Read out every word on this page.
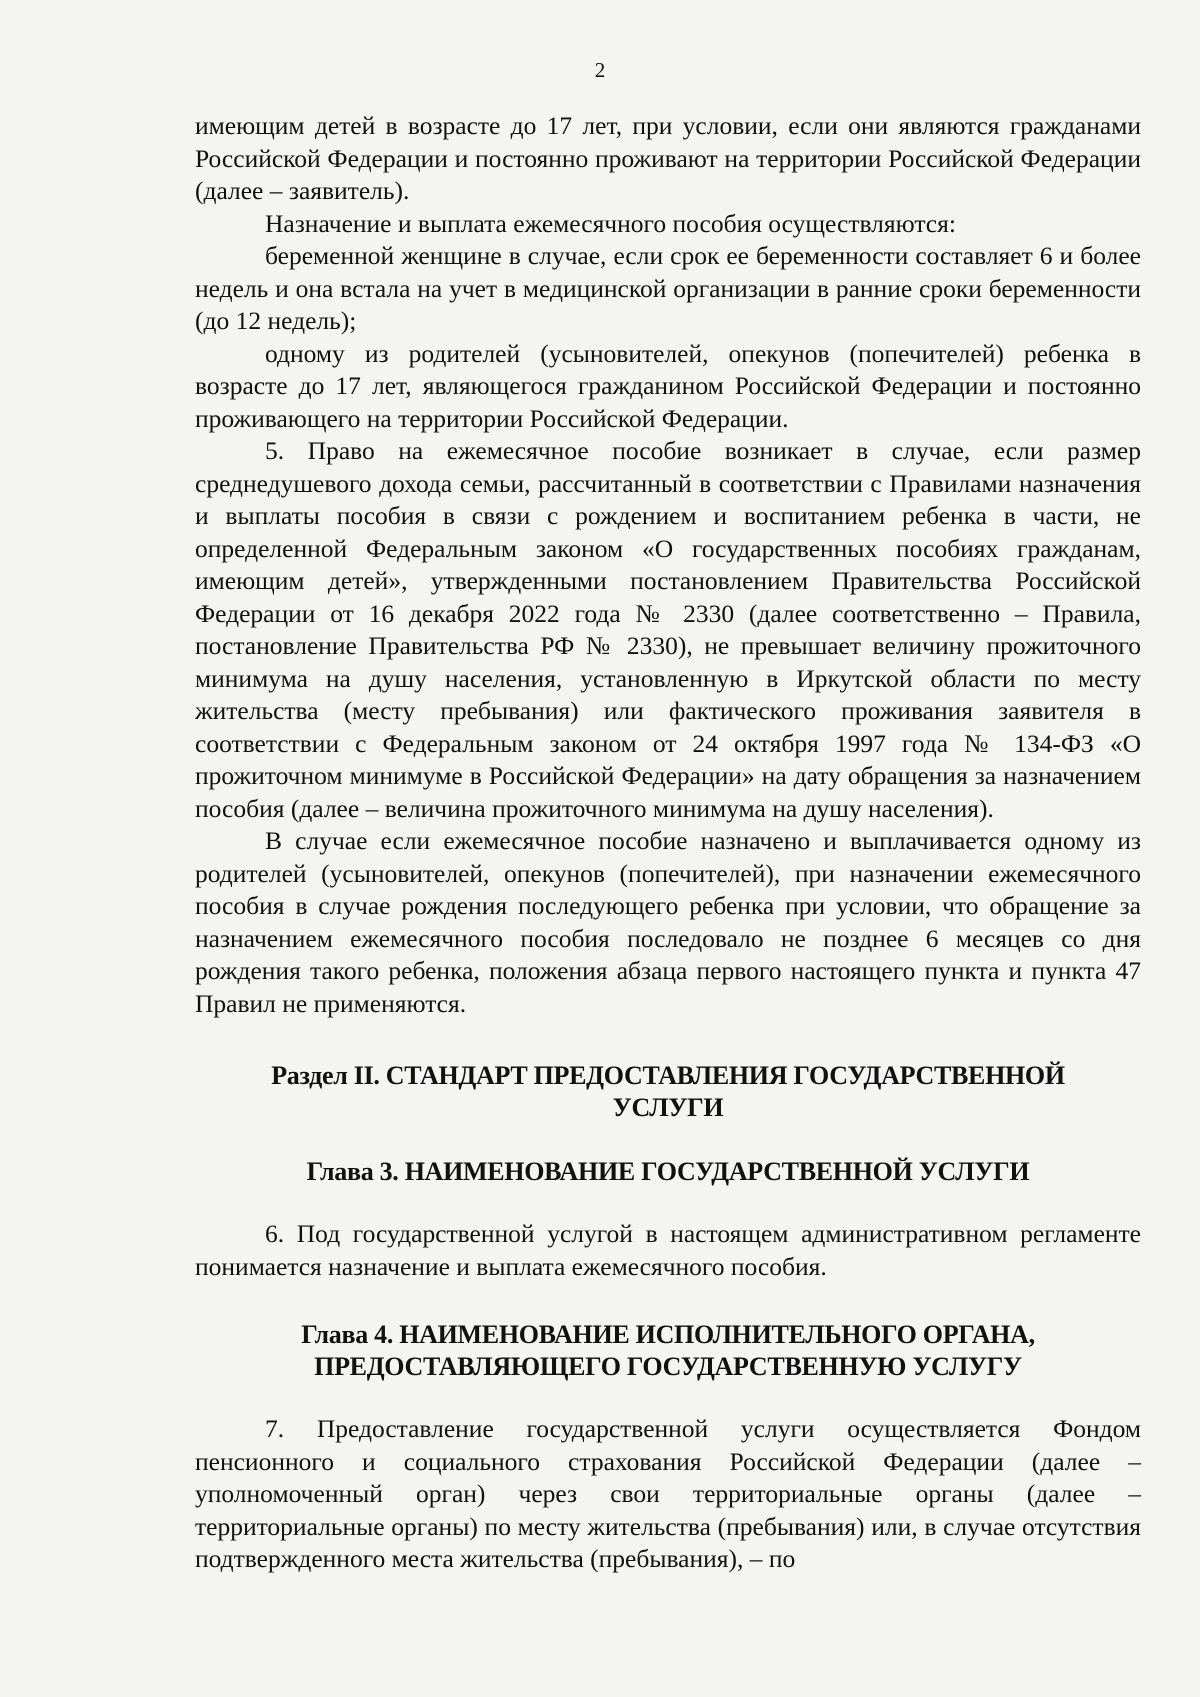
2

имеющим детей в возрасте до 17 лет, при условии, если они являются гражданами Российской Федерации и постоянно проживают на территории Российской Федерации (далее – заявитель).

Назначение и выплата ежемесячного пособия осуществляются:

беременной женщине в случае, если срок ее беременности составляет 6 и более недель и она встала на учет в медицинской организации в ранние сроки беременности (до 12 недель);

одному из родителей (усыновителей, опекунов (попечителей) ребенка в возрасте до 17 лет, являющегося гражданином Российской Федерации и постоянно проживающего на территории Российской Федерации.

5. Право на ежемесячное пособие возникает в случае, если размер среднедушевого дохода семьи, рассчитанный в соответствии с Правилами назначения и выплаты пособия в связи с рождением и воспитанием ребенка в части, не определенной Федеральным законом «О государственных пособиях гражданам, имеющим детей», утвержденными постановлением Правительства Российской Федерации от 16 декабря 2022 года № 2330 (далее соответственно – Правила, постановление Правительства РФ № 2330), не превышает величину прожиточного минимума на душу населения, установленную в Иркутской области по месту жительства (месту пребывания) или фактического проживания заявителя в соответствии с Федеральным законом от 24 октября 1997 года № 134-ФЗ «О прожиточном минимуме в Российской Федерации» на дату обращения за назначением пособия (далее – величина прожиточного минимума на душу населения).

В случае если ежемесячное пособие назначено и выплачивается одному из родителей (усыновителей, опекунов (попечителей), при назначении ежемесячного пособия в случае рождения последующего ребенка при условии, что обращение за назначением ежемесячного пособия последовало не позднее 6 месяцев со дня рождения такого ребенка, положения абзаца первого настоящего пункта и пункта 47 Правил не применяются.

Раздел II. СТАНДАРТ ПРЕДОСТАВЛЕНИЯ ГОСУДАРСТВЕННОЙ
УСЛУГИ
Глава 3. НАИМЕНОВАНИЕ ГОСУДАРСТВЕННОЙ УСЛУГИ

6. Под государственной услугой в настоящем административном регламенте понимается назначение и выплата ежемесячного пособия.

Глава 4. НАИМЕНОВАНИЕ ИСПОЛНИТЕЛЬНОГО ОРГАНА,
ПРЕДОСТАВЛЯЮЩЕГО ГОСУДАРСТВЕННУЮ УСЛУГУ

7. Предоставление государственной услуги осуществляется Фондом пенсионного и социального страхования Российской Федерации (далее – уполномоченный орган) через свои территориальные органы (далее – территориальные органы) по месту жительства (пребывания) или, в случае отсутствия подтвержденного места жительства (пребывания), – по
